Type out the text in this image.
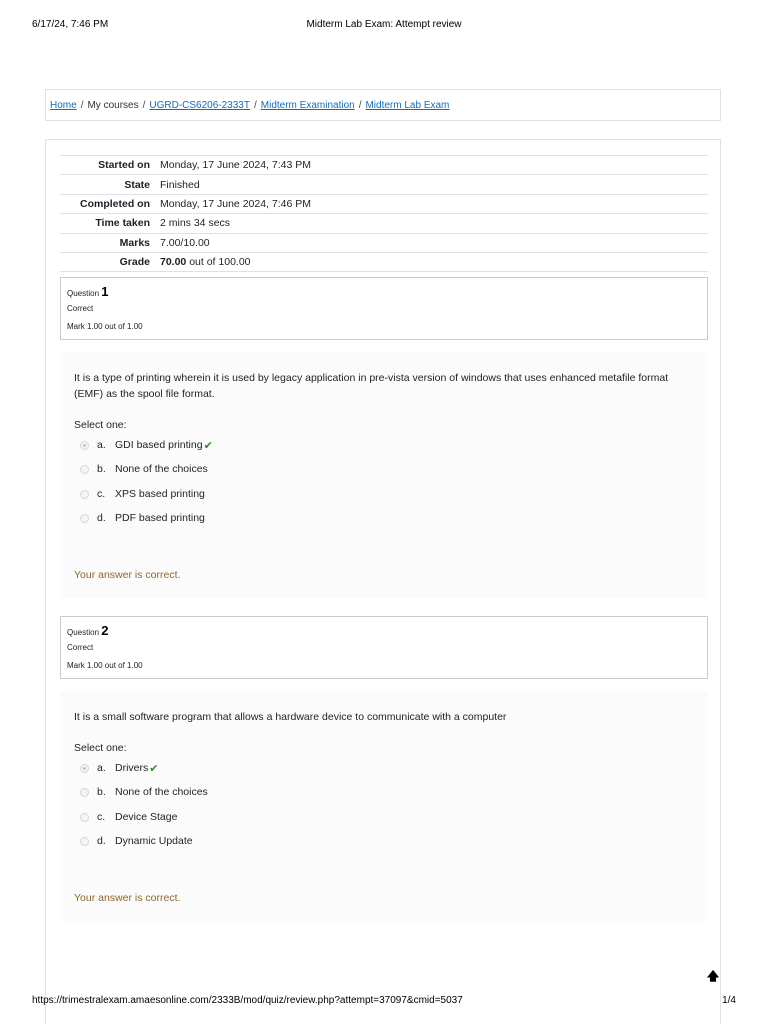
6/17/24, 7:46 PM	Midterm Lab Exam: Attempt review
Home / My courses / UGRD-CS6206-2333T / Midterm Examination / Midterm Lab Exam
Started on Monday, 17 June 2024, 7:43 PM
State Finished
Completed on Monday, 17 June 2024, 7:46 PM
Time taken 2 mins 34 secs
Marks 7.00/10.00
Grade 70.00 out of 100.00
Question 1
Correct
Mark 1.00 out of 1.00
It is a type of printing wherein it is used by legacy application in pre-vista version of windows that uses enhanced metafile format (EMF) as the spool file format.
Select one:
a. GDI based printing ✔
b. None of the choices
c. XPS based printing
d. PDF based printing
Your answer is correct.
Question 2
Correct
Mark 1.00 out of 1.00
It is a small software program that allows a hardware device to communicate with a computer
Select one:
a. Drivers ✔
b. None of the choices
c. Device Stage
d. Dynamic Update
Your answer is correct.
🡅
https://trimestralexam.amaesonline.com/2333B/mod/quiz/review.php?attempt=37097&cmid=5037	1/4
